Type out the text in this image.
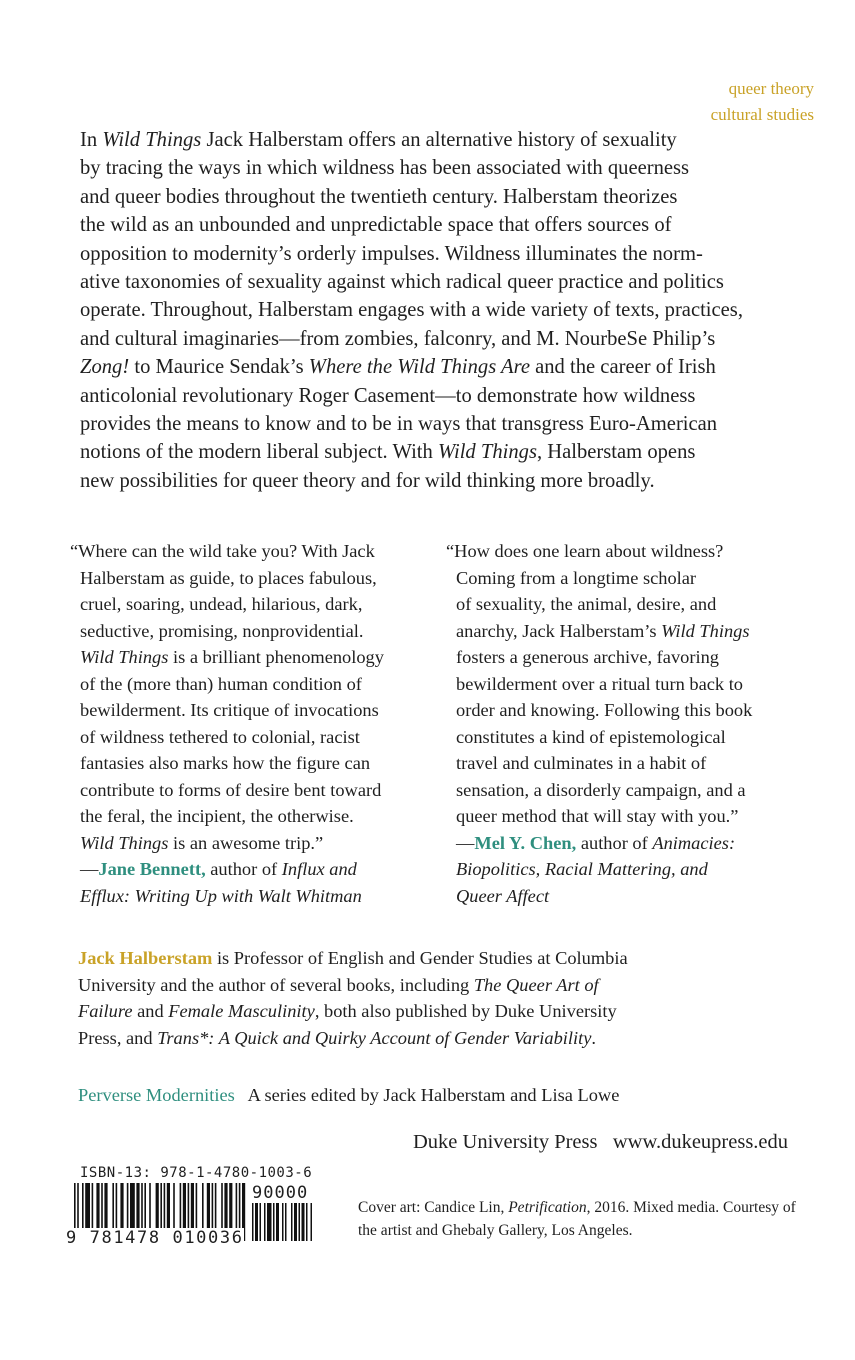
queer theory
cultural studies
In Wild Things Jack Halberstam offers an alternative history of sexuality
by tracing the ways in which wildness has been associated with queerness
and queer bodies throughout the twentieth century. Halberstam theorizes
the wild as an unbounded and unpredictable space that offers sources of
opposition to modernity’s orderly impulses. Wildness illuminates the norm-
ative taxonomies of sexuality against which radical queer practice and politics
operate. Throughout, Halberstam engages with a wide variety of texts, practices,
and cultural imaginaries—from zombies, falconry, and M. NourbeSe Philip’s
Zong! to Maurice Sendak’s Where the Wild Things Are and the career of Irish
anticolonial revolutionary Roger Casement—to demonstrate how wildness
provides the means to know and to be in ways that transgress Euro-American
notions of the modern liberal subject. With Wild Things, Halberstam opens
new possibilities for queer theory and for wild thinking more broadly.
“Where can the wild take you? With Jack
Halberstam as guide, to places fabulous,
cruel, soaring, undead, hilarious, dark,
seductive, promising, nonprovidential.
Wild Things is a brilliant phenomenology
of the (more than) human condition of
bewilderment. Its critique of invocations
of wildness tethered to colonial, racist
fantasies also marks how the figure can
contribute to forms of desire bent toward
the feral, the incipient, the otherwise.
Wild Things is an awesome trip.”
—Jane Bennett, author of Influx and
Efflux: Writing Up with Walt Whitman
“How does one learn about wildness?
Coming from a longtime scholar
of sexuality, the animal, desire, and
anarchy, Jack Halberstam’s Wild Things
fosters a generous archive, favoring
bewilderment over a ritual turn back to
order and knowing. Following this book
constitutes a kind of epistemological
travel and culminates in a habit of
sensation, a disorderly campaign, and a
queer method that will stay with you.”
—Mel Y. Chen, author of Animacies:
Biopolitics, Racial Mattering, and
Queer Affect
Jack Halberstam is Professor of English and Gender Studies at Columbia
University and the author of several books, including The Queer Art of
Failure and Female Masculinity, both also published by Duke University
Press, and Trans*: A Quick and Quirky Account of Gender Variability.
Perverse Modernities A series edited by Jack Halberstam and Lisa Lowe
Duke University Press www.dukeupress.edu
ISBN-13: 978-1-4780-1003-6
90000
9 781478 010036
Cover art: Candice Lin, Petrification, 2016. Mixed media. Courtesy of
the artist and Ghebaly Gallery, Los Angeles.
